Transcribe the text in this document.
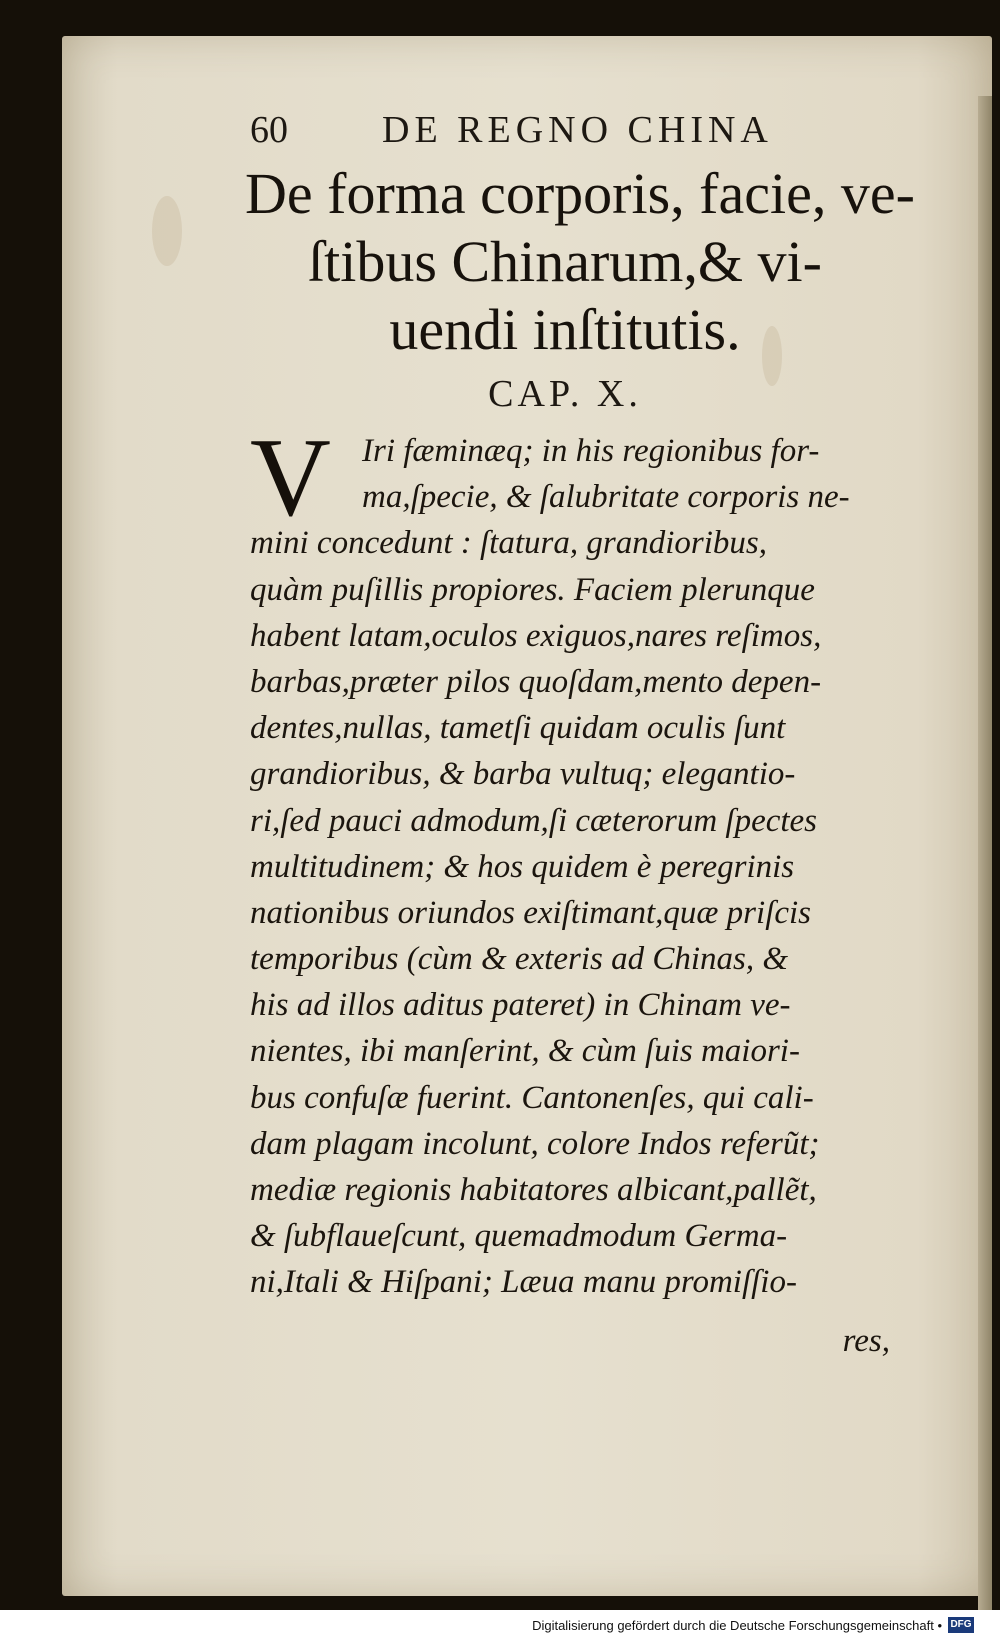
60 DE REGNO CHINA
De forma corporis, facie, ve-
ſtibus Chinarum,& vi-
uendi inſtitutis.
CAP. X.
V Iri fæminæq; in his regionibus for-
ma,ſpecie, & ſalubritate corporis ne-
mini concedunt : ſtatura, grandioribus,
quàm puſillis propiores. Faciem plerunque
habent latam,oculos exiguos,nares reſimos,
barbas,præter pilos quoſdam,mento depen-
dentes,nullas, tametſi quidam oculis ſunt
grandioribus, & barba vultuq; elegantio-
ri,ſed pauci admodum,ſi cæterorum ſpectes
multitudinem; & hos quidem è peregrinis
nationibus oriundos exiſtimant,quæ priſcis
temporibus (cùm & exteris ad Chinas, &
his ad illos aditus pateret) in Chinam ve-
nientes, ibi manſerint, & cùm ſuis maiori-
bus confuſæ fuerint. Cantonenſes, qui cali-
dam plagam incolunt, colore Indos referũt;
mediæ regionis habitatores albicant,pallẽt,
& ſubflaueſcunt, quemadmodum Germa-
ni,Itali & Hiſpani; Læua manu promiſſio-
res,
Digitalisierung gefördert durch die Deutsche Forschungsgemeinschaft • DFG
